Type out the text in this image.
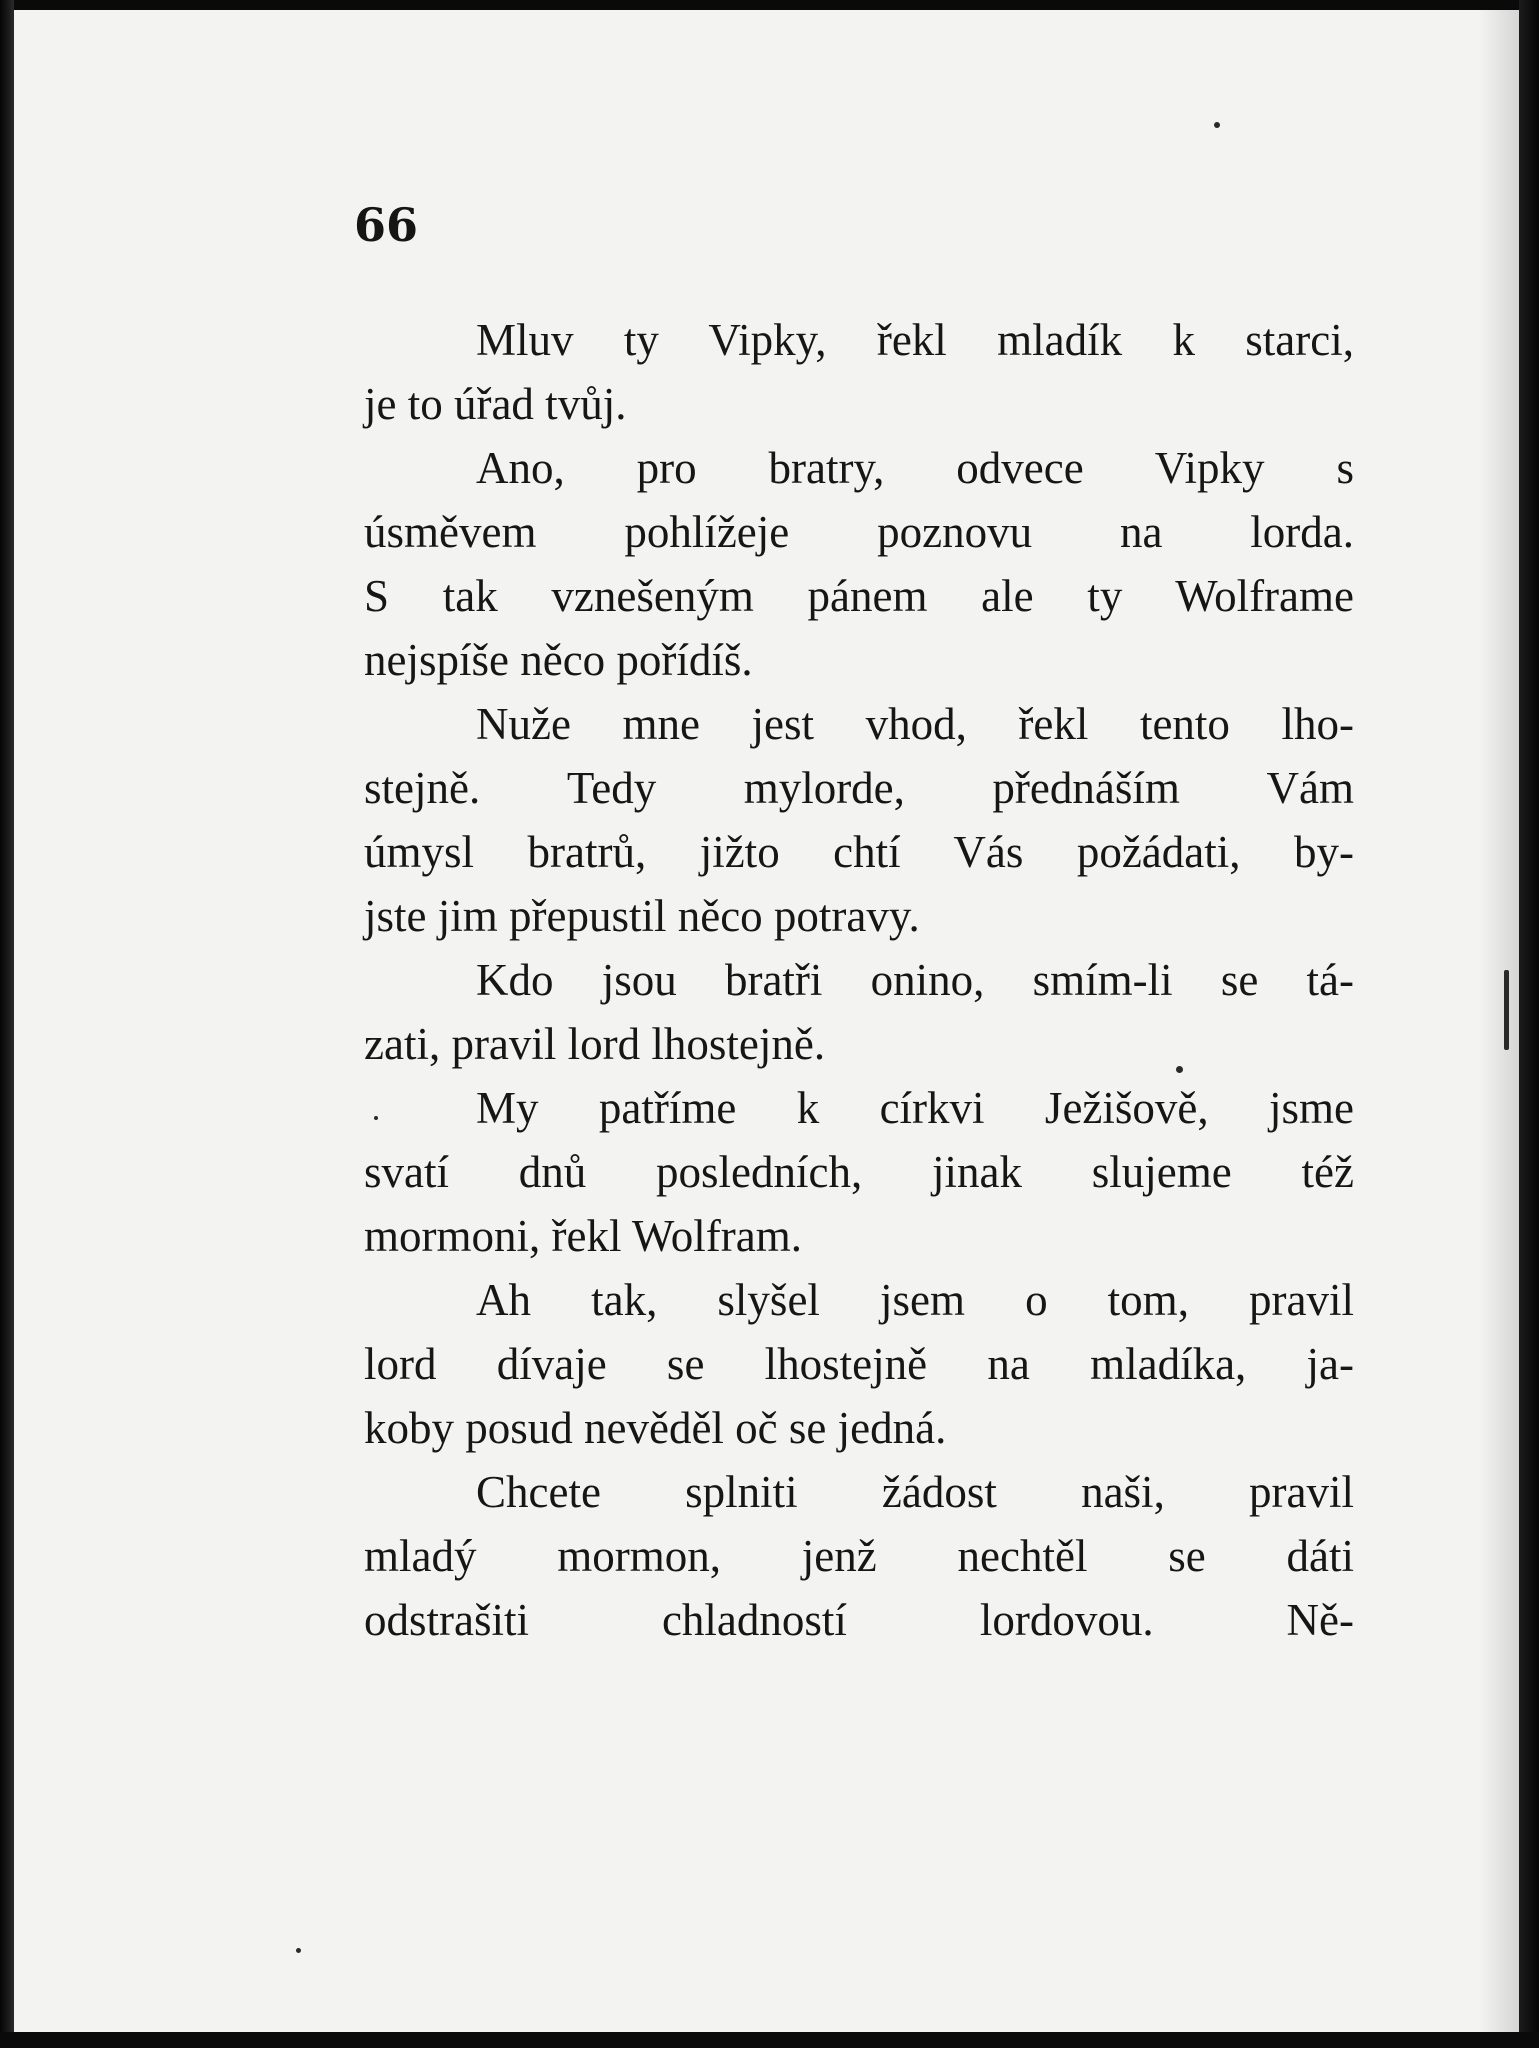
66
Mluv ty Vipky, řekl mladík k starci,
je to úřad tvůj.
Ano, pro bratry, odvece Vipky s
úsměvem pohlížeje poznovu na lorda.
S tak vznešeným pánem ale ty Wolframe
nejspíše něco pořídíš.
Nuže mne jest vhod, řekl tento lho-
stejně. Tedy mylorde, přednáším Vám
úmysl bratrů, jižto chtí Vás požádati, by-
jste jim přepustil něco potravy.
Kdo jsou bratři onino, smím-li se tá-
zati, pravil lord lhostejně.
My patříme k církvi Ježišově, jsme
svatí dnů posledních, jinak slujeme též
mormoni, řekl Wolfram.
Ah tak, slyšel jsem o tom, pravil
lord dívaje se lhostejně na mladíka, ja-
koby posud nevěděl oč se jedná.
Chcete splniti žádost naši, pravil
mladý mormon, jenž nechtěl se dáti
odstrašiti chladností lordovou. Ně-
